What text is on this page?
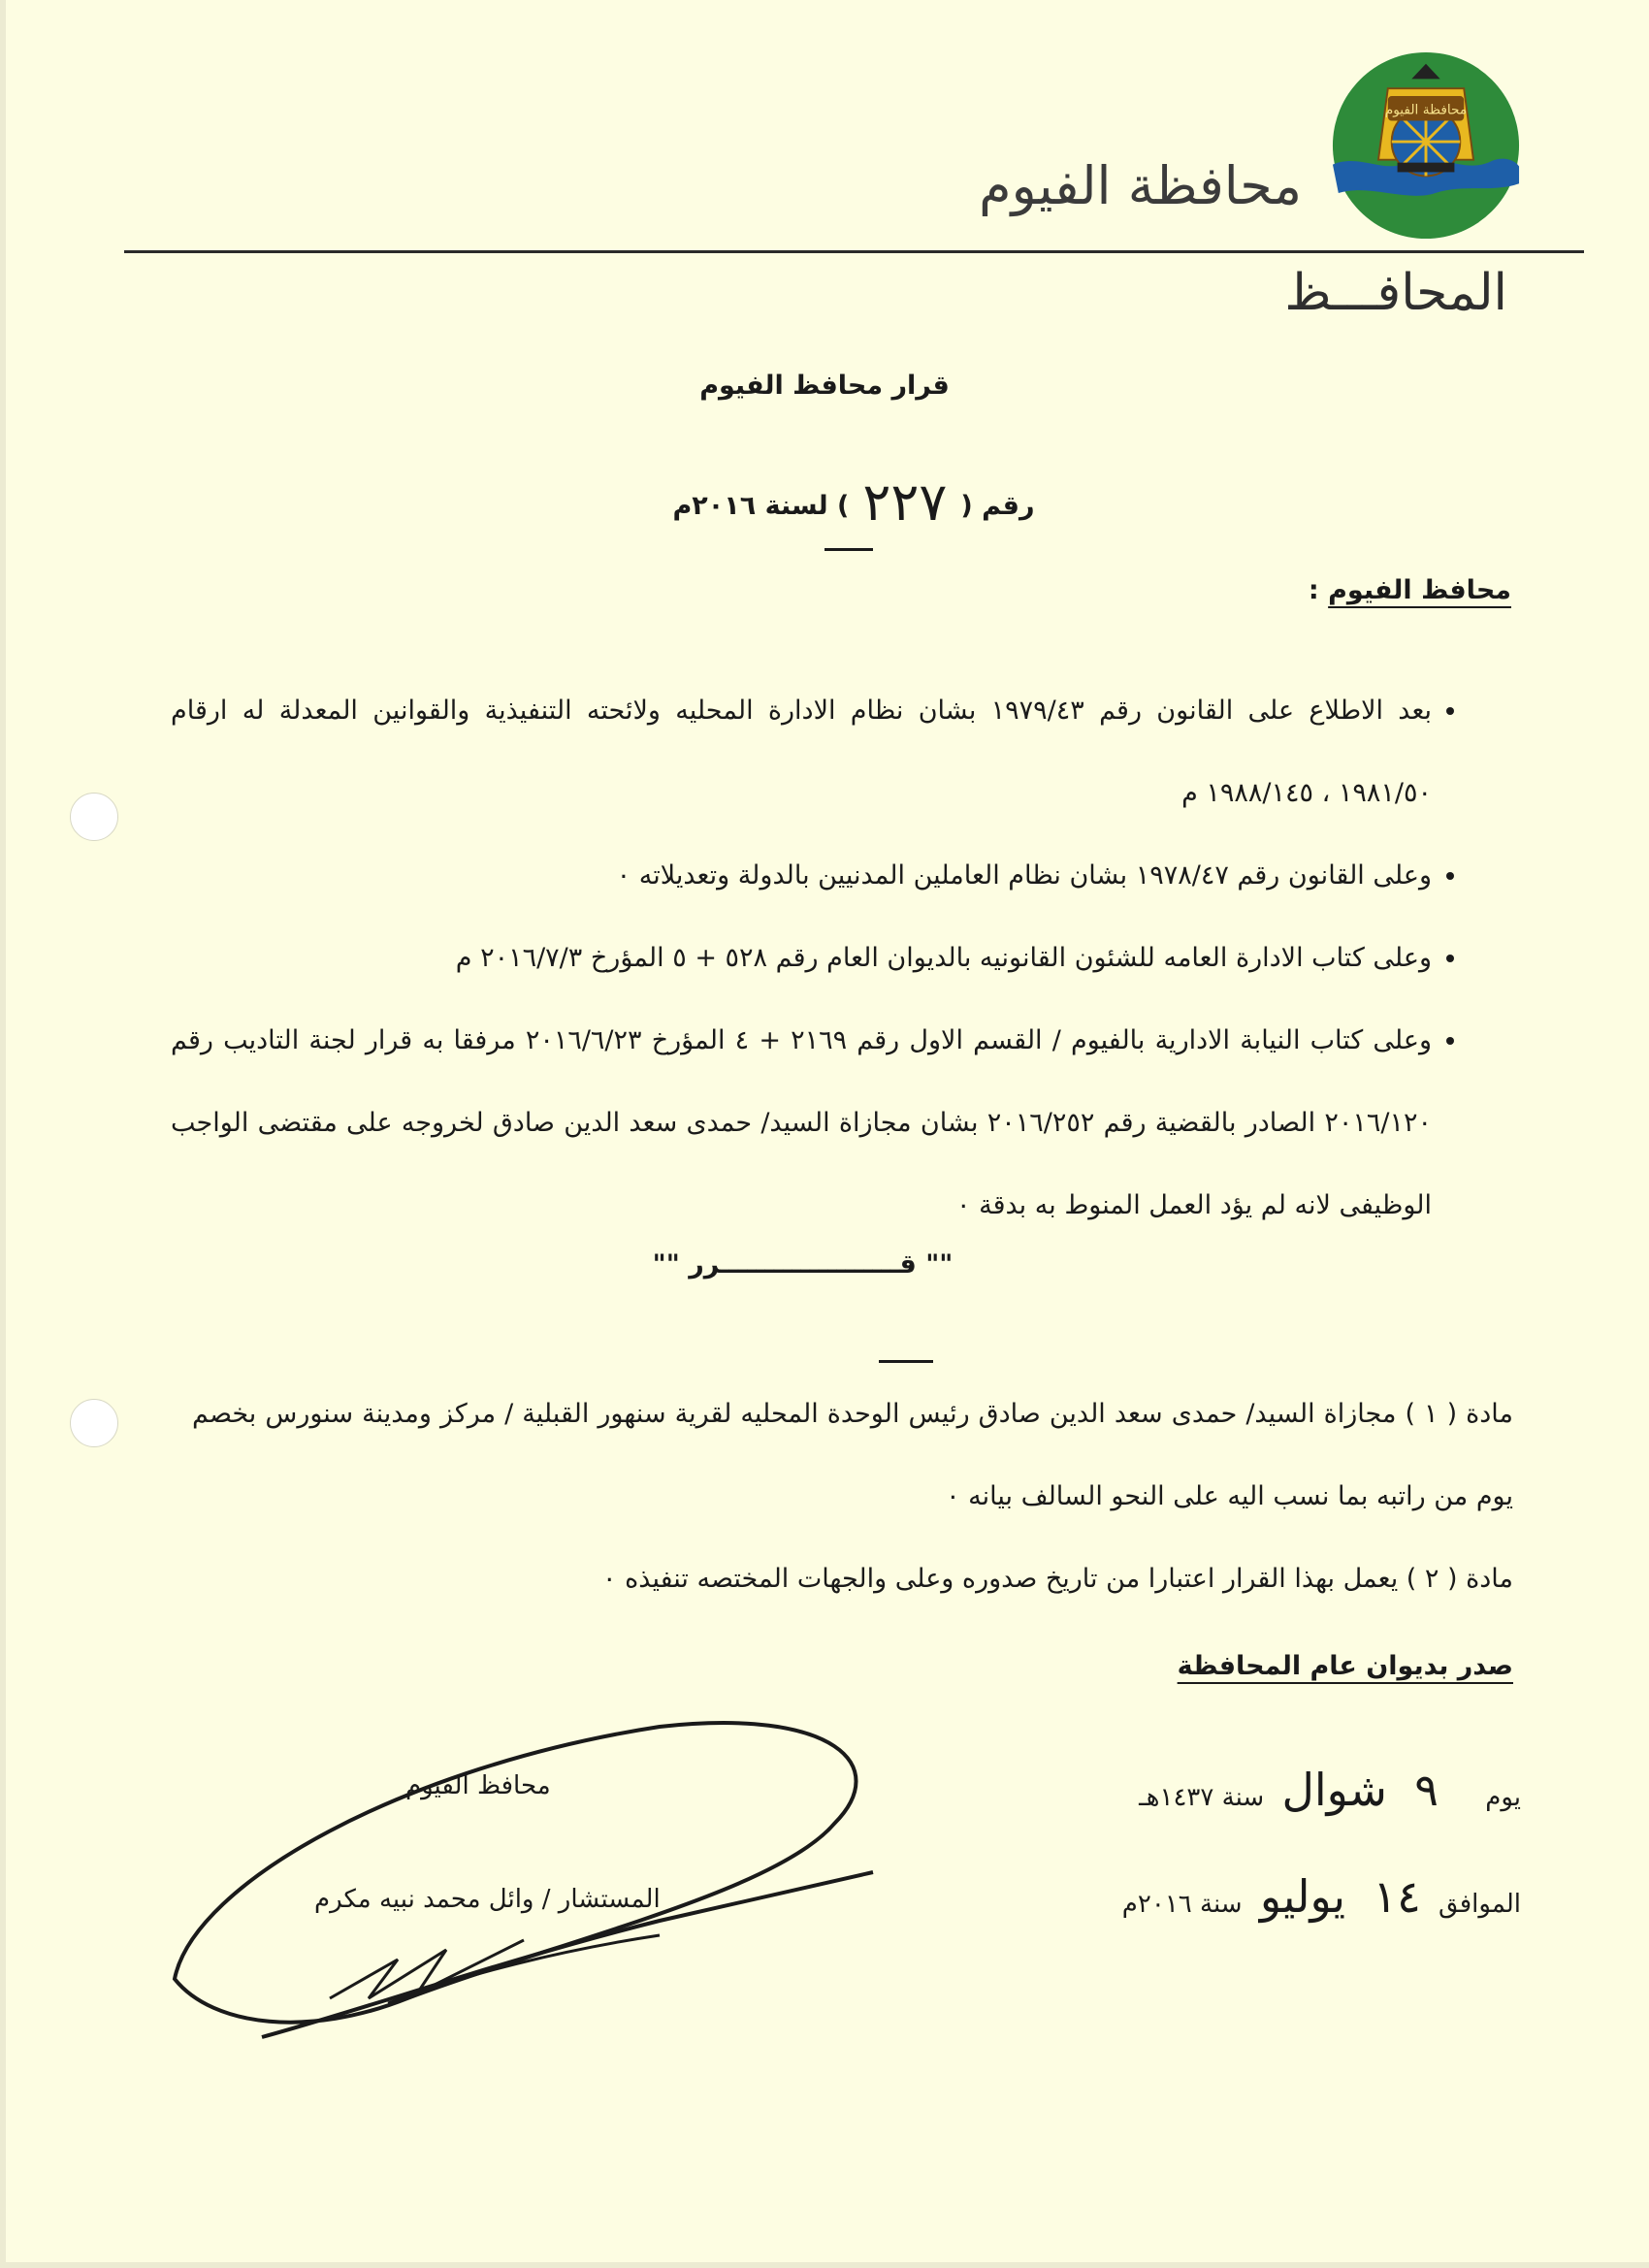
محافظة الفيوم
محافظة الفيوم
المحافـــظ
قرار محافظ الفيوم
رقم (٢٢٧) لسنة ٢٠١٦م
محافظ الفيوم :
• بعد الاطلاع على القانون رقم ١٩٧٩/٤٣ بشان نظام الادارة المحليه ولائحته التنفيذية والقوانين المعدلة له ارقام ١٩٨١/٥٠ ، ١٩٨٨/١٤٥ م
• وعلى القانون رقم ١٩٧٨/٤٧ بشان نظام العاملين المدنيين بالدولة وتعديلاته ٠
• وعلى كتاب الادارة العامه للشئون القانونيه بالديوان العام رقم ٥٢٨ + ٥ المؤرخ ٢٠١٦/٧/٣ م
• وعلى كتاب النيابة الادارية بالفيوم / القسم الاول رقم ٢١٦٩ + ٤ المؤرخ ٢٠١٦/٦/٢٣ مرفقا به قرار لجنة التاديب رقم ٢٠١٦/١٢٠ الصادر بالقضية رقم ٢٠١٦/٢٥٢ بشان مجازاة السيد/ حمدى سعد الدين صادق لخروجه على مقتضى الواجب الوظيفى لانه لم يؤد العمل المنوط به بدقة ٠
"" قــــــــــــــــــــرر ""

مادة ( ١ ) مجازاة السيد/ حمدى سعد الدين صادق رئيس الوحدة المحليه لقرية سنهور القبلية / مركز ومدينة سنورس بخصم يوم من راتبه بما نسب اليه على النحو السالف بيانه ٠

مادة ( ٢ ) يعمل بهذا القرار اعتبارا من تاريخ صدوره وعلى والجهات المختصه تنفيذه ٠

صدر بديوان عام المحافظة
يوم ٩ شوال سنة ١٤٣٧هـ
الموافق ١٤ يوليو سنة ٢٠١٦م
محافظ الفيوم
المستشار / وائل محمد نبيه مكرم
